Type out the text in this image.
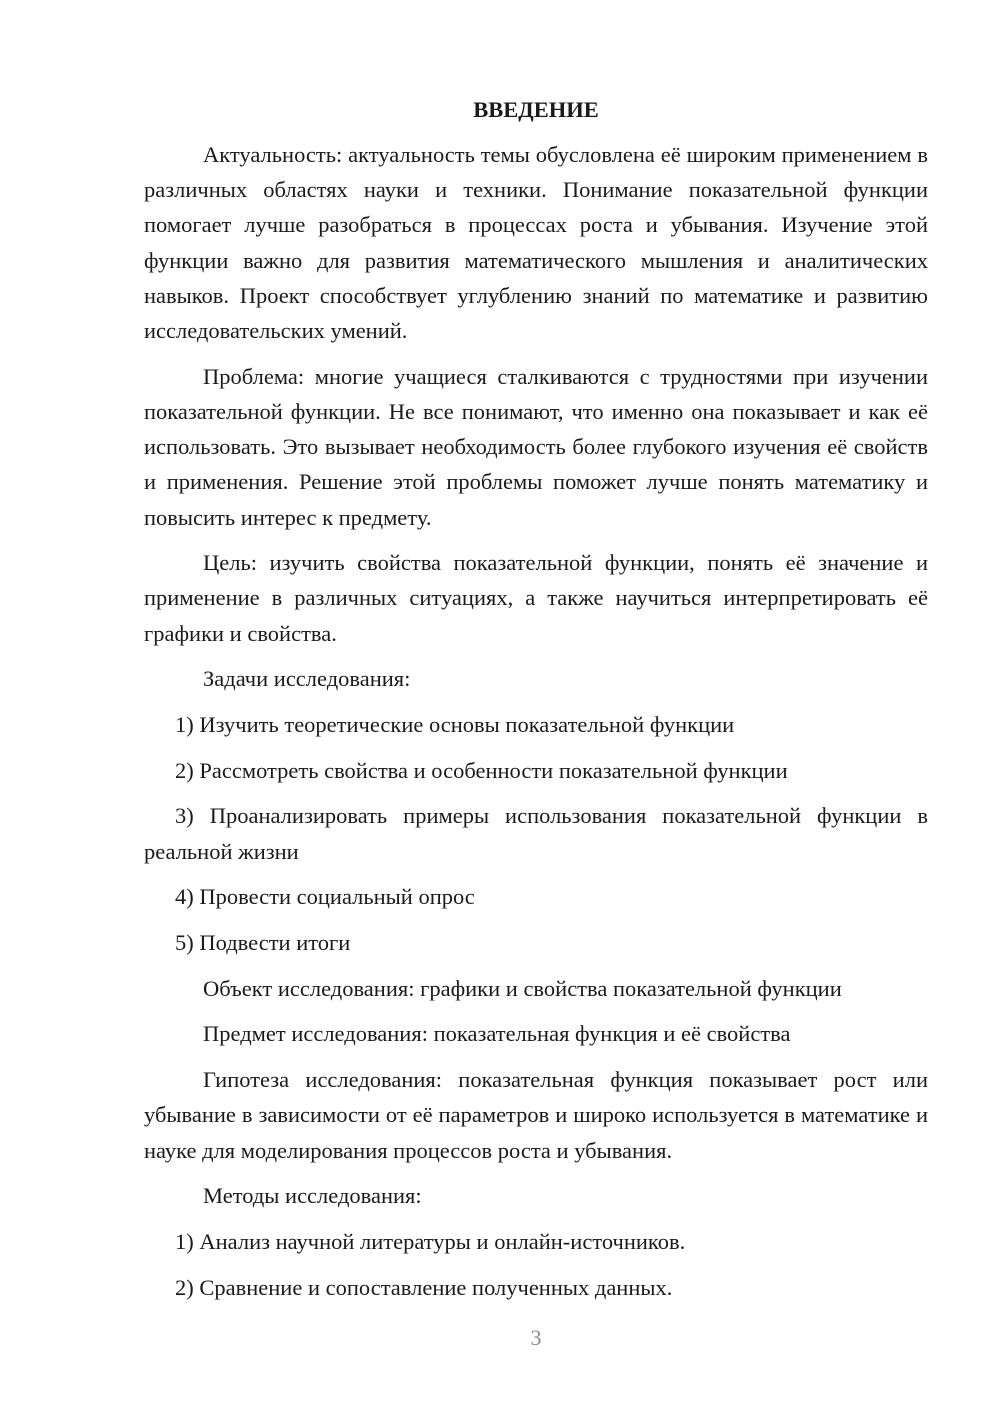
ВВЕДЕНИЕ

Актуальность: актуальность темы обусловлена её широким применением в различных областях науки и техники. Понимание показательной функции помогает лучше разобраться в процессах роста и убывания. Изучение этой функции важно для развития математического мышления и аналитических навыков. Проект способствует углублению знаний по математике и развитию исследовательских умений.

Проблема: многие учащиеся сталкиваются с трудностями при изучении показательной функции. Не все понимают, что именно она показывает и как её использовать. Это вызывает необходимость более глубокого изучения её свойств и применения. Решение этой проблемы поможет лучше понять математику и повысить интерес к предмету.

Цель: изучить свойства показательной функции, понять её значение и применение в различных ситуациях, а также научиться интерпретировать её графики и свойства.

Задачи исследования:

1) Изучить теоретические основы показательной функции

2) Рассмотреть свойства и особенности показательной функции

3) Проанализировать примеры использования показательной функции в реальной жизни

4) Провести социальный опрос

5) Подвести итоги

Объект исследования: графики и свойства показательной функции

Предмет исследования: показательная функция и её свойства

Гипотеза исследования: показательная функция показывает рост или убывание в зависимости от её параметров и широко используется в математике и науке для моделирования процессов роста и убывания.

Методы исследования:

1) Анализ научной литературы и онлайн-источников.

2) Сравнение и сопоставление полученных данных.

3
